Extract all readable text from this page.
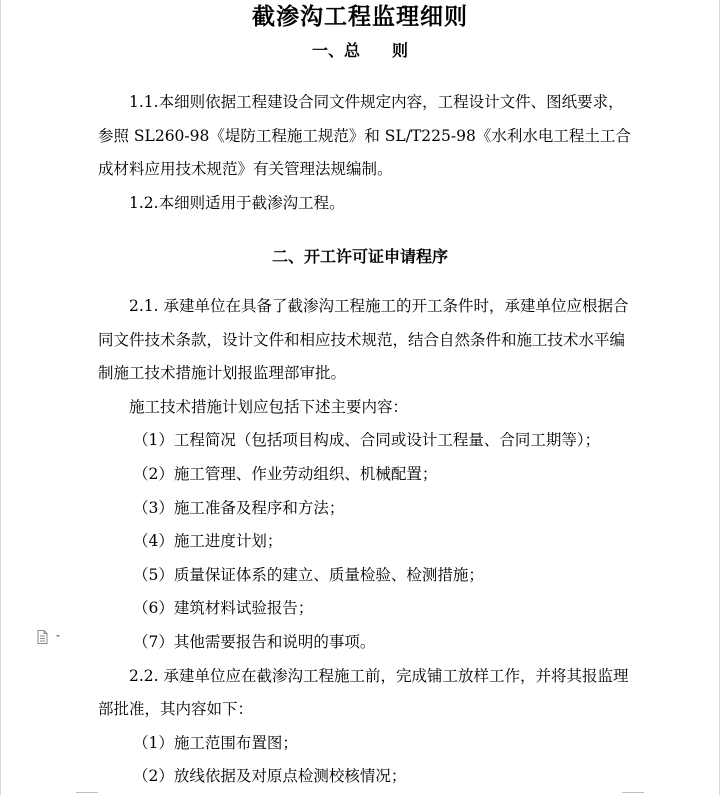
截渗沟工程监理细则
一、总　　则

1.1.本细则依据工程建设合同文件规定内容，工程设计文件、图纸要求，参照 SL260-98《堤防工程施工规范》和 SL/T225-98《水利水电工程土工合成材料应用技术规范》有关管理法规编制。

1.2.本细则适用于截渗沟工程。

二、开工许可证申请程序

2.1. 承建单位在具备了截渗沟工程施工的开工条件时，承建单位应根据合同文件技术条款，设计文件和相应技术规范，结合自然条件和施工技术水平编制施工技术措施计划报监理部审批。

施工技术措施计划应包括下述主要内容：

（1）工程简况（包括项目构成、合同或设计工程量、合同工期等）；

（2）施工管理、作业劳动组织、机械配置；

（3）施工准备及程序和方法；

（4）施工进度计划；

（5）质量保证体系的建立、质量检验、检测措施；

（6）建筑材料试验报告；

（7）其他需要报告和说明的事项。

2.2. 承建单位应在截渗沟工程施工前，完成铺工放样工作，并将其报监理部批准，其内容如下：

（1）施工范围布置图；

（2）放线依据及对原点检测校核情况；
